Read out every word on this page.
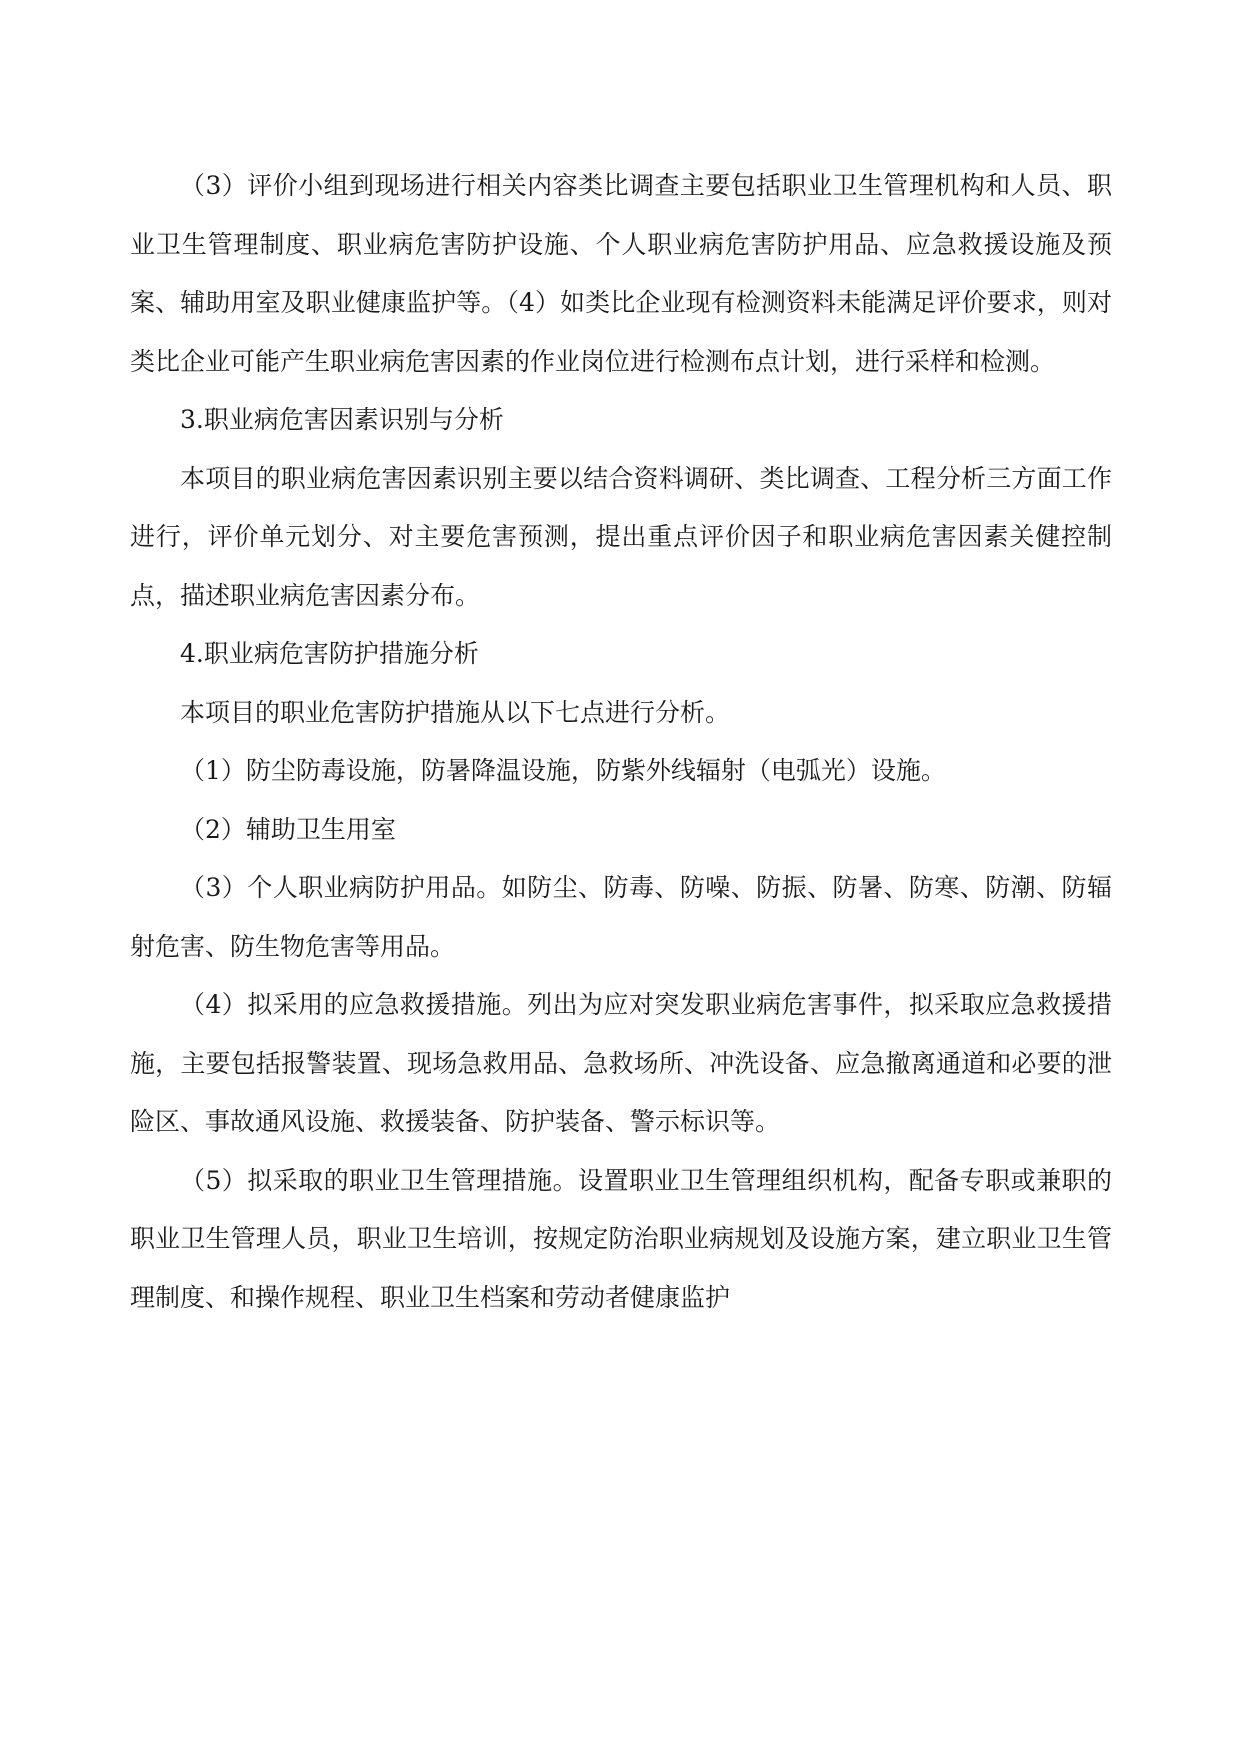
（3）评价小组到现场进行相关内容类比调查主要包括职业卫生管理机构和人员、职业卫生管理制度、职业病危害防护设施、个人职业病危害防护用品、应急救援设施及预案、辅助用室及职业健康监护等。（4）如类比企业现有检测资料未能满足评价要求，则对类比企业可能产生职业病危害因素的作业岗位进行检测布点计划，进行采样和检测。

3.职业病危害因素识别与分析

本项目的职业病危害因素识别主要以结合资料调研、类比调查、工程分析三方面工作进行，评价单元划分、对主要危害预测，提出重点评价因子和职业病危害因素关健控制点，描述职业病危害因素分布。

4.职业病危害防护措施分析

本项目的职业危害防护措施从以下七点进行分析。

（1）防尘防毒设施，防暑降温设施，防紫外线辐射（电弧光）设施。

（2）辅助卫生用室

（3）个人职业病防护用品。如防尘、防毒、防噪、防振、防暑、防寒、防潮、防辐射危害、防生物危害等用品。

（4）拟采用的应急救援措施。列出为应对突发职业病危害事件，拟采取应急救援措施，主要包括报警装置、现场急救用品、急救场所、冲洗设备、应急撤离通道和必要的泄险区、事故通风设施、救援装备、防护装备、警示标识等。

（5）拟采取的职业卫生管理措施。设置职业卫生管理组织机构，配备专职或兼职的职业卫生管理人员，职业卫生培训，按规定防治职业病规划及设施方案，建立职业卫生管理制度、和操作规程、职业卫生档案和劳动者健康监护
